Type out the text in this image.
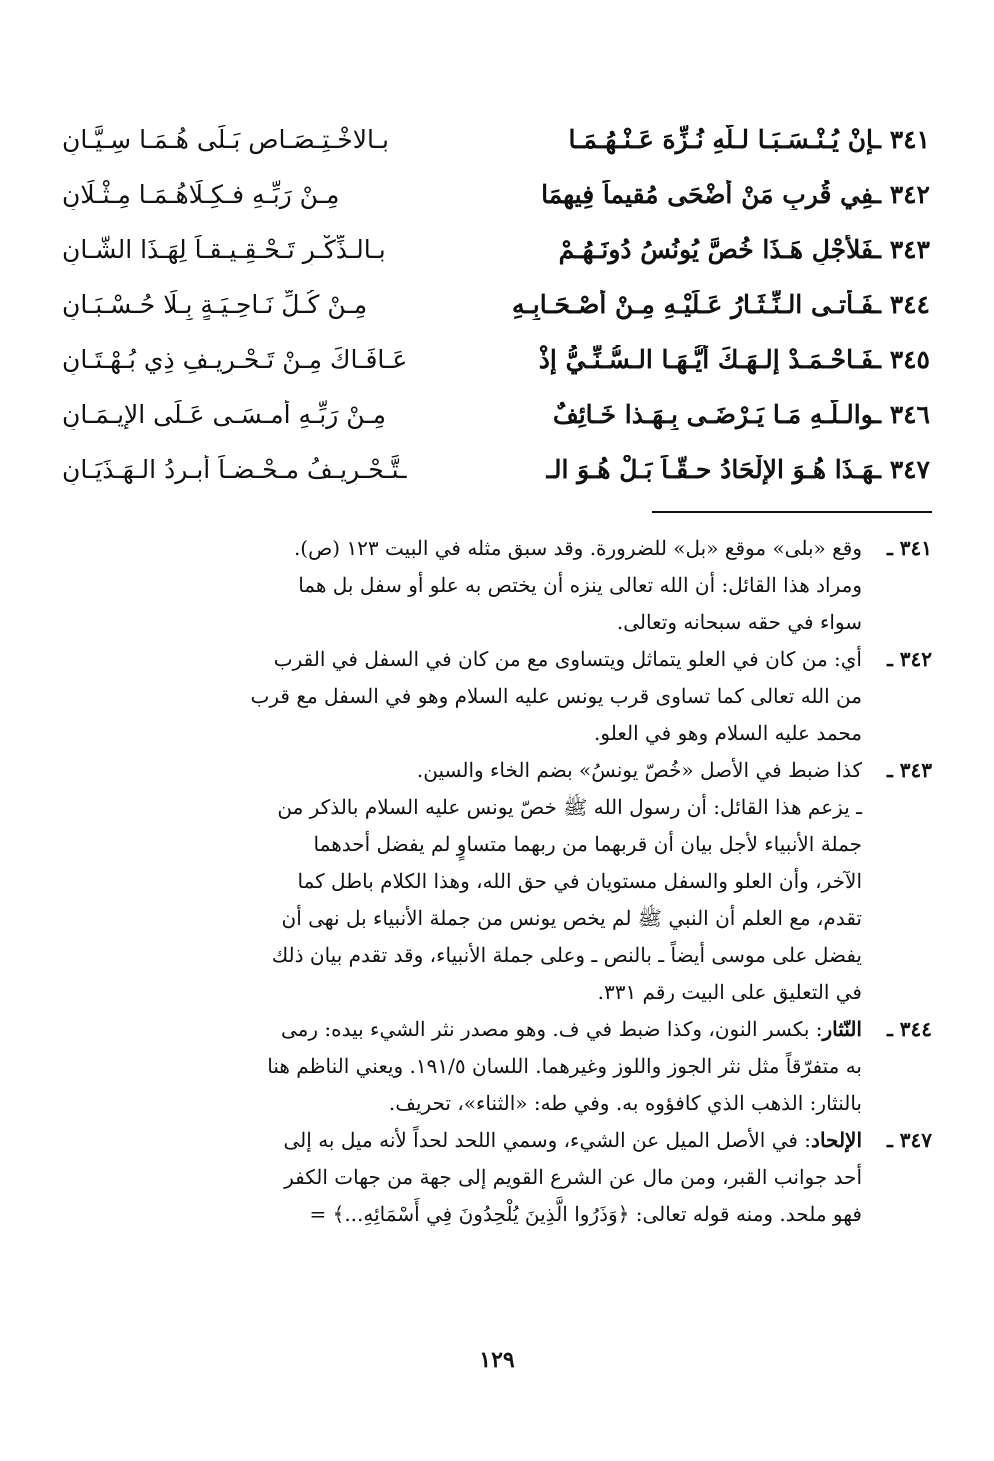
٣٤١ ـإنْ يُـنْـسَـبَـا لـلَّهِ نُـزِّهَ عَـنْـهُـمَـا
بـالاخْـتِـصَـاصِ بَـلَى هُـمَـا سِـيَّـانِ
٣٤٢ ـفِي قُربِ مَنْ أضْحَى مُقيماً فِيهِمَا
مِـنْ رَبِّـهِ فـكِـلَاهُـمَـا مِـثْـلَانِ
٣٤٣ ـفَلأَجْلِ هَـذَا خُصَّ يُونُسُ دُونَـهُـمْ
بـالـذِّكْـرِ تَـحْـقِـيـقـاً لِهَـذَا الشَّـانِ
٣٤٤ ـفَـأَتـى الـنِّـثَـارُ عَـلَيْـهِ مِـنْ أَصْـحَـابِـهِ
مِـنْ كُـلِّ نَـاحِـيَـةٍ بِـلَا حُـسْـبَـانِ
٣٤٥ ـفَـاحْـمَـدْ إلـهَـكَ أَيُّـهَـا الـسُّـنِّـيُّ إذْ
عَـافَـاكَ مِـنْ تَـحْـرِيـفِ ذِي بُـهْـتَـانِ
٣٤٦ ـوالـلَّـهِ مَـا يَـرْضَـى بِـهَـذا خَـائِفٌ
مِـنْ رَبِّـهِ أَمـسَـى عَـلَى الإيـمَـانِ
٣٤٧ ـهَـذَا هُـوَ الإِلْحَادُ حـقّـاً بَـلْ هُـوَ الـ
ـتَّـحْـرِيـفُ مـحْـضـاً أَبـردُ الـهَـذَيَـانِ
٣٤١ ـ
وقع «بلى» موقع «بل» للضرورة. وقد سبق مثله في البيت ١٢٣ (ص).
ومراد هذا القائل: أن الله تعالى ينزه أن يختص به علو أو سفل بل هما
سواء في حقه سبحانه وتعالى.
٣٤٢ ـ
أي: من كان في العلو يتماثل ويتساوى مع من كان في السفل في القرب
من الله تعالى كما تساوى قرب يونس عليه السلام وهو في السفل مع قرب
محمد عليه السلام وهو في العلو.
٣٤٣ ـ
كذا ضبط في الأصل «خُصّ يونسُ» بضم الخاء والسين.
ـ يزعم هذا القائل: أن رسول الله ﷺ خصّ يونس عليه السلام بالذكر من
جملة الأنبياء لأجل بيان أن قربهما من ربهما متساوٍ لم يفضل أحدهما
الآخر، وأن العلو والسفل مستويان في حق الله، وهذا الكلام باطل كما
تقدم، مع العلم أن النبي ﷺ لم يخص يونس من جملة الأنبياء بل نهى أن
يفضل على موسى أيضاً ـ بالنص ـ وعلى جملة الأنبياء، وقد تقدم بيان ذلك
في التعليق على البيت رقم ٣٣١.
٣٤٤ ـ
النّثار: بكسر النون، وكذا ضبط في ف. وهو مصدر نثر الشيء بيده: رمى
به متفرّقاً مثل نثر الجوز واللوز وغيرهما. اللسان ١٩١/٥. ويعني الناظم هنا
بالنثار: الذهب الذي كافؤوه به. وفي طه: «الثناء»، تحريف.
٣٤٧ ـ
الإلحاد: في الأصل الميل عن الشيء، وسمي اللحد لحداً لأنه ميل به إلى
أحد جوانب القبر، ومن مال عن الشرع القويم إلى جهة من جهات الكفر
فهو ملحد. ومنه قوله تعالى: ﴿وَذَرُوا الَّذِينَ يُلْحِدُونَ فِي أَسْمَائِهِ...﴾ =
١٢٩
